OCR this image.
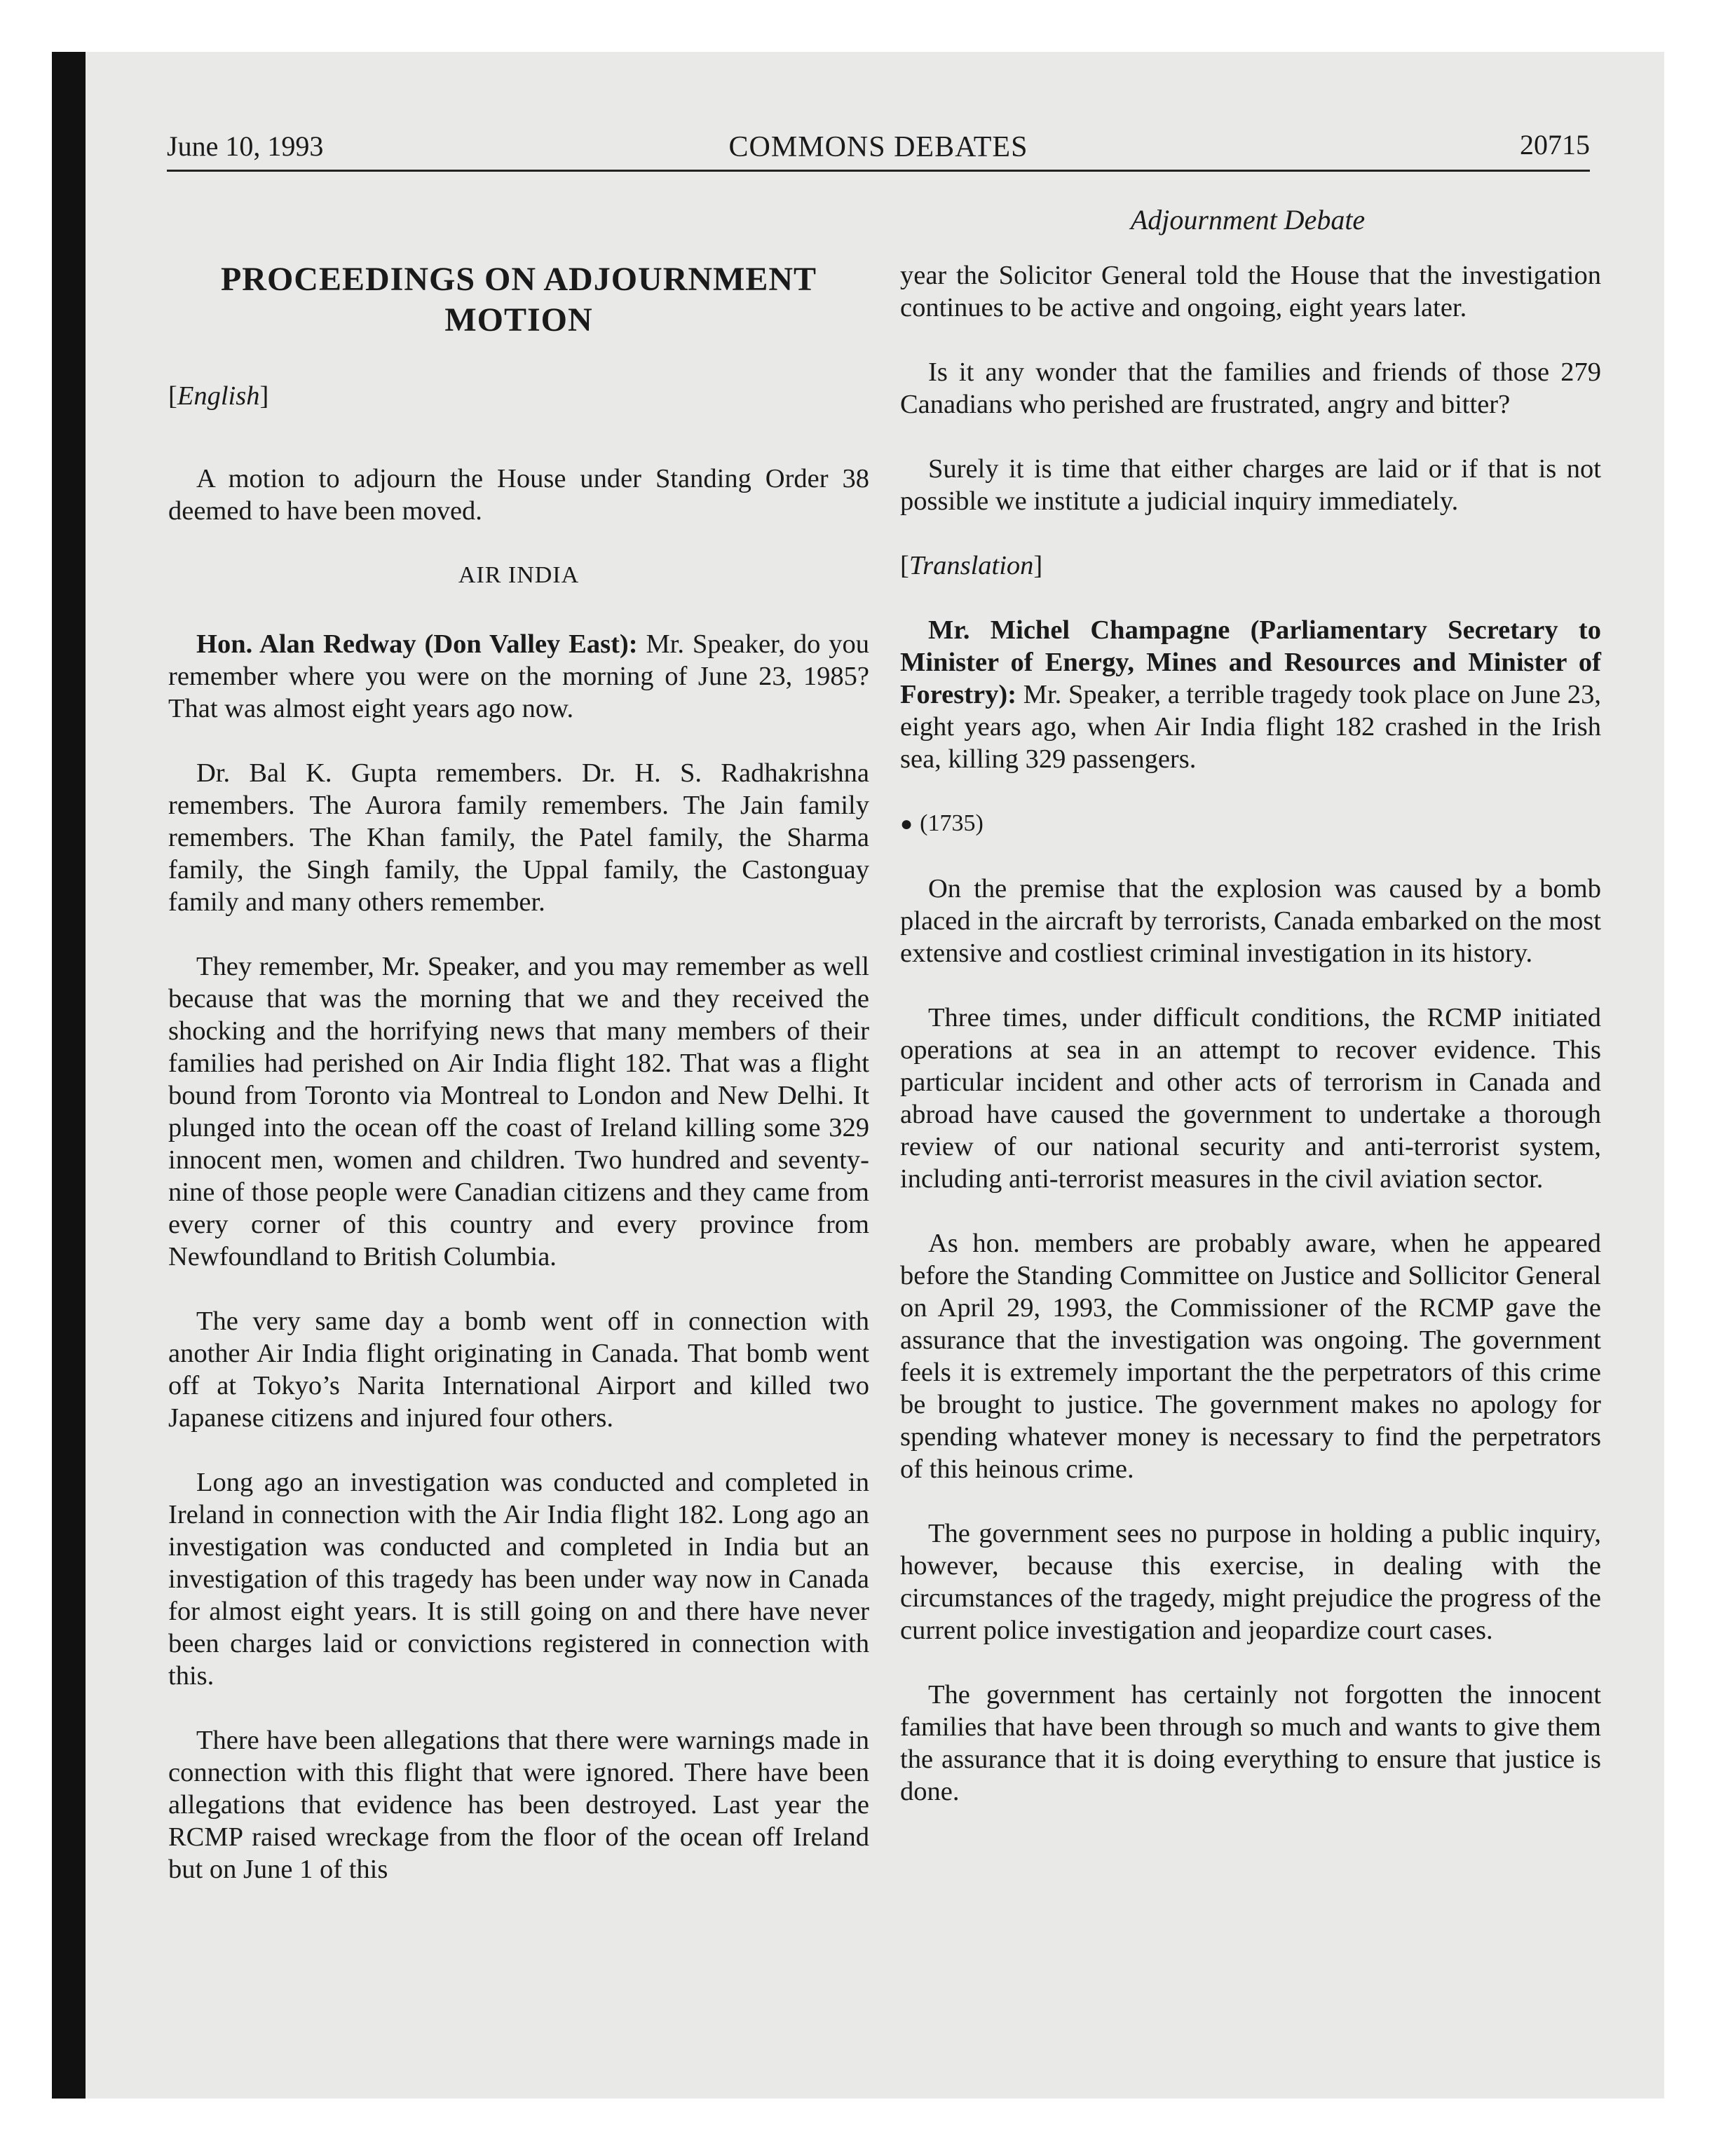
June 10, 1993	COMMONS DEBATES	20715
Adjournment Debate
PROCEEDINGS ON ADJOURNMENT MOTION

[English]

A motion to adjourn the House under Standing Order 38 deemed to have been moved.

AIR INDIA

Hon. Alan Redway (Don Valley East): Mr. Speaker, do you remember where you were on the morning of June 23, 1985? That was almost eight years ago now.

Dr. Bal K. Gupta remembers. Dr. H. S. Radhakrishna remembers. The Aurora family remembers. The Jain family remembers. The Khan family, the Patel family, the Sharma family, the Singh family, the Uppal family, the Castonguay family and many others remember.

They remember, Mr. Speaker, and you may remember as well because that was the morning that we and they received the shocking and the horrifying news that many members of their families had perished on Air India flight 182. That was a flight bound from Toronto via Montreal to London and New Delhi. It plunged into the ocean off the coast of Ireland killing some 329 innocent men, women and children. Two hundred and seventy-nine of those people were Canadian citizens and they came from every corner of this country and every province from Newfoundland to British Columbia.

The very same day a bomb went off in connection with another Air India flight originating in Canada. That bomb went off at Tokyo’s Narita International Airport and killed two Japanese citizens and injured four others.

Long ago an investigation was conducted and completed in Ireland in connection with the Air India flight 182. Long ago an investigation was conducted and completed in India but an investigation of this tragedy has been under way now in Canada for almost eight years. It is still going on and there have never been charges laid or convictions registered in connection with this.

There have been allegations that there were warnings made in connection with this flight that were ignored. There have been allegations that evidence has been destroyed. Last year the RCMP raised wreckage from the floor of the ocean off Ireland but on June 1 of this

year the Solicitor General told the House that the investigation continues to be active and ongoing, eight years later.

Is it any wonder that the families and friends of those 279 Canadians who perished are frustrated, angry and bitter?

Surely it is time that either charges are laid or if that is not possible we institute a judicial inquiry immediately.

[Translation]

Mr. Michel Champagne (Parliamentary Secretary to Minister of Energy, Mines and Resources and Minister of Forestry): Mr. Speaker, a terrible tragedy took place on June 23, eight years ago, when Air India flight 182 crashed in the Irish sea, killing 329 passengers.

● (1735)

On the premise that the explosion was caused by a bomb placed in the aircraft by terrorists, Canada embarked on the most extensive and costliest criminal investigation in its history.

Three times, under difficult conditions, the RCMP initiated operations at sea in an attempt to recover evidence. This particular incident and other acts of terrorism in Canada and abroad have caused the government to undertake a thorough review of our national security and anti-terrorist system, including anti-terrorist measures in the civil aviation sector.

As hon. members are probably aware, when he appeared before the Standing Committee on Justice and Sollicitor General on April 29, 1993, the Commissioner of the RCMP gave the assurance that the investigation was ongoing. The government feels it is extremely important the the perpetrators of this crime be brought to justice. The government makes no apology for spending whatever money is necessary to find the perpetrators of this heinous crime.

The government sees no purpose in holding a public inquiry, however, because this exercise, in dealing with the circumstances of the tragedy, might prejudice the progress of the current police investigation and jeopardize court cases.

The government has certainly not forgotten the innocent families that have been through so much and wants to give them the assurance that it is doing everything to ensure that justice is done.
